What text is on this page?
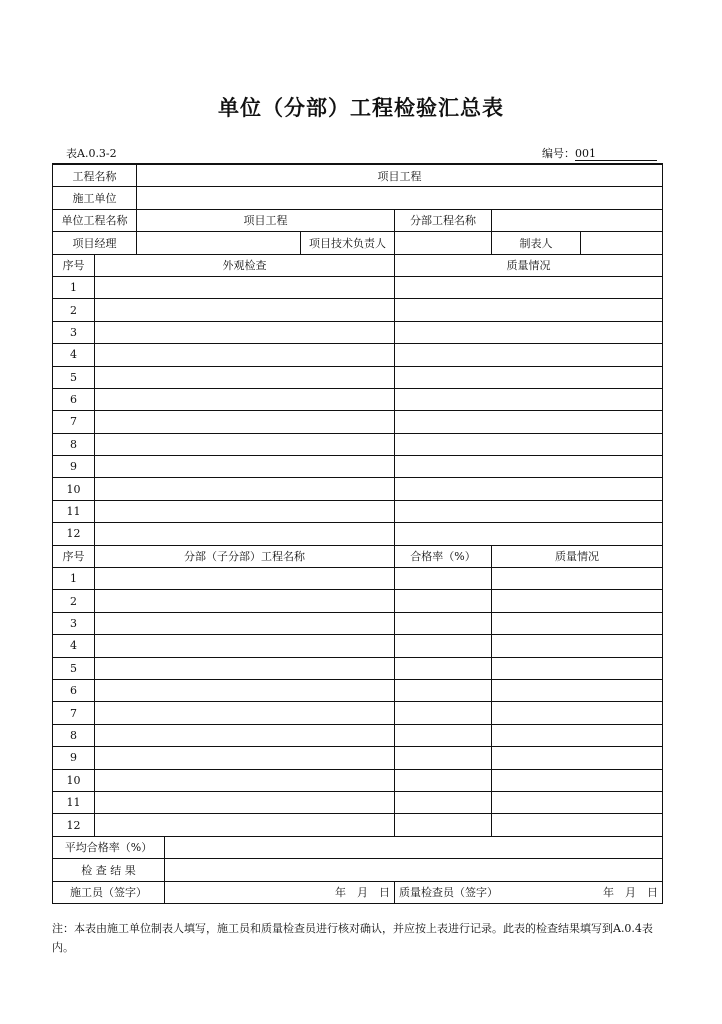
单位（分部）工程检验汇总表
表A.0.3-2	编号：001
工程名称		项目工程					
施工单位							
单位工程名称		项目工程			分部工程名称		
项目经理				项目技术负责人		制表人	
序号	外观检查				质量情况		
1							
2							
3							
4							
5							
6							
7							
8							
9							
10							
11							
12							
序号	分部（子分部）工程名称				合格率（%）	质量情况	
1							
2							
3							
4							
5							
6							
7							
8							
9							
10							
11							
12							
平均合格率（%）							
检 查 结 果							
施工员（签字）			年　月　日		质量检查员（签字） 年　月　日		
注：本表由施工单位制表人填写，施工员和质量检查员进行核对确认，并应按上表进行记录。此表的检查结果填写到A.0.4表内。
